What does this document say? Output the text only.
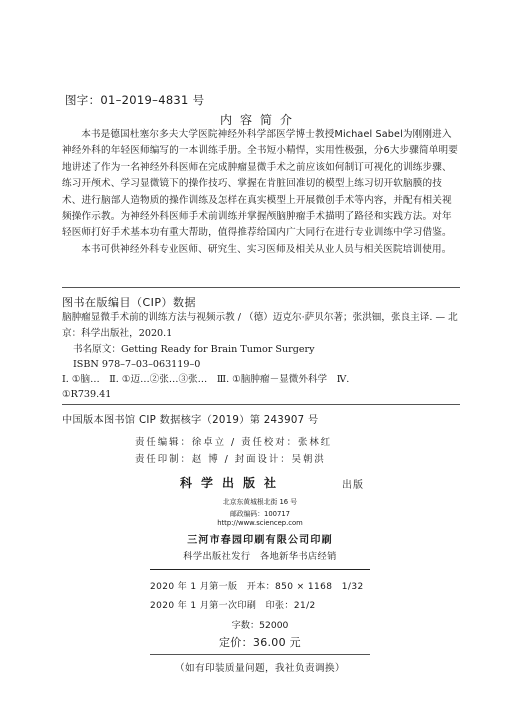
图字：01–2019–4831 号
内容简介
本书是德国杜塞尔多夫大学医院神经外科学部医学博士教授Michael Sabel为刚刚进入神经外科的年轻医师编写的一本训练手册。全书短小精悍，实用性极强，分6大步骤简单明要地讲述了作为一名神经外科医师在完成肿瘤显微手术之前应该如何制订可视化的训练步骤、练习开颅术、学习显微镜下的操作技巧、掌握在肯脏回准切的模型上练习切开软脑膜的技术、进行脑部人造物质的操作训练及怎样在真实模型上开展微创手术等内容，并配有相关视频操作示教。为神经外科医师手术前训练并掌握颅脑肿瘤手术描明了路径和实践方法。对年轻医师打好手术基本功有重大帮助，值得推荐给国内广大同行在进行专业训练中学习借鉴。
本书可供神经外科专业医师、研究生、实习医师及相关从业人员与相关医院培训使用。
图书在版编目（CIP）数据
脑肿瘤显微手术前的训练方法与视频示教 / （德）迈克尔·萨贝尔著；张洪钿，张良主译. — 北京：科学出版社，2020.1
书名原文：Getting Ready for Brain Tumor Surgery
ISBN 978–7–03–063119–0
Ⅰ. ①脑…　Ⅱ. ①迈…②张…③张…　Ⅲ. ①脑肿瘤－显微外科学　Ⅳ.
①R739.41
中国版本图书馆 CIP 数据核字（2019）第 243907 号
责任编辑：徐卓立 / 责任校对：张林红
责任印制：赵 博 / 封面设计：吴朝洪
科学出版社	出版
北京东黄城根北街 16 号
邮政编码：100717
http://www.sciencep.com
三河市春园印刷有限公司印刷
科学出版社发行　各地新华书店经销
2020 年 1 月第一版　开本：850 × 1168　1/32
2020 年 1 月第一次印刷　印张：21/2
字数：52000
定价：36.00 元
（如有印装质量问题，我社负责调换）
